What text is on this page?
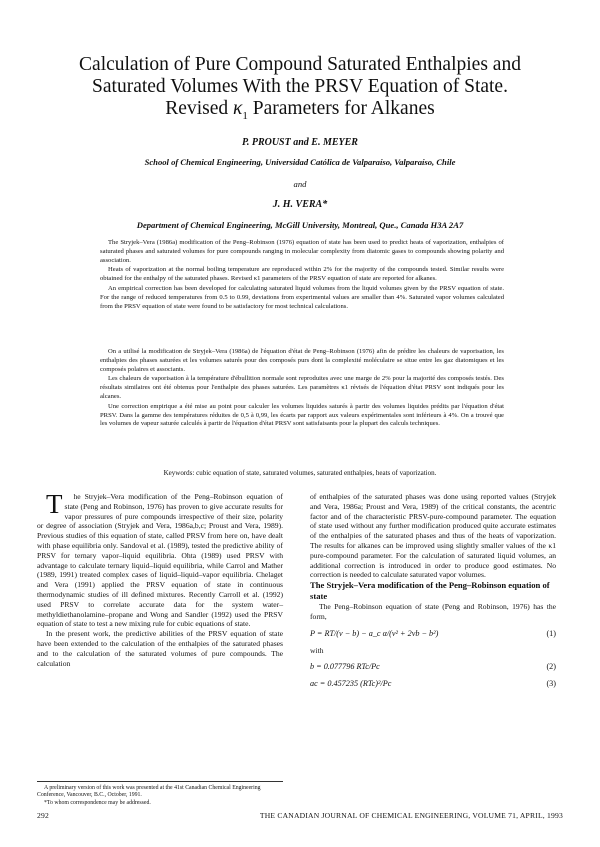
Calculation of Pure Compound Saturated Enthalpies and
Saturated Volumes With the PRSV Equation of State.
Revised $\kappa_1$ Parameters for Alkanes
P. PROUST and E. MEYER
School of Chemical Engineering, Universidad Católica de Valparaíso, Valparaíso, Chile
and
J. H. VERA*
Department of Chemical Engineering, McGill University, Montreal, Que., Canada H3A 2A7

The Stryjek–Vera (1986a) modification of the Peng–Robinson (1976) equation of state has been used to predict heats of vaporization, enthalpies of saturated phases and saturated volumes for pure compounds ranging in molecular complexity from diatomic gases to compounds showing polarity and association.

Heats of vaporization at the normal boiling temperature are reproduced within 2% for the majority of the compounds tested. Similar results were obtained for the enthalpy of the saturated phases. Revised κ1 parameters of the PRSV equation of state are reported for alkanes.

An empirical correction has been developed for calculating saturated liquid volumes from the liquid volumes given by the PRSV equation of state. For the range of reduced temperatures from 0.5 to 0.99, deviations from experimental values are smaller than 4%. Saturated vapor volumes calculated from the PRSV equation of state were found to be satisfactory for most technical calculations.

On a utilisé la modification de Stryjek–Vera (1986a) de l'équation d'état de Peng–Robinson (1976) afin de prédire les chaleurs de vaporisation, les enthalpies des phases saturées et les volumes saturés pour des composés purs dont la complexité moléculaire se situe entre les gaz diatomiques et les composés polaires et associants.

Les chaleurs de vaporisation à la température d'ébullition normale sont reproduites avec une marge de 2% pour la majorité des composés testés. Des résultats similaires ont été obtenus pour l'enthalpie des phases saturées. Les paramètres κ1 révisés de l'équation d'état PRSV sont indiqués pour les alcanes.

Une correction empirique a été mise au point pour calculer les volumes liquides saturés à partir des volumes liquides prédits par l'équation d'état PRSV. Dans la gamme des températures réduites de 0,5 à 0,99, les écarts par rapport aux valeurs expérimentales sont inférieurs à 4%. On a trouvé que les volumes de vapeur saturée calculés à partir de l'équation d'état PRSV sont satisfaisants pour la plupart des calculs techniques.

Keywords: cubic equation of state, saturated volumes, saturated enthalpies, heats of vaporization.

T he Stryjek–Vera modification of the Peng–Robinson equation of state (Peng and Robinson, 1976) has proven to give accurate results for vapor pressures of pure compounds irrespective of their size, polarity or degree of association (Stryjek and Vera, 1986a,b,c; Proust and Vera, 1989). Previous studies of this equation of state, called PRSV from here on, have dealt with phase equilibria only. Sandoval et al. (1989), tested the predictive ability of PRSV for ternary vapor–liquid equilibria. Ohta (1989) used PRSV with advantage to calculate ternary liquid–liquid equilibria, while Carrol and Mather (1989, 1991) treated complex cases of liquid–liquid–vapor equilibria. Chelaget and Vera (1991) applied the PRSV equation of state in continuous thermodynamic studies of ill defined mixtures. Recently Carroll et al. (1992) used PRSV to correlate accurate data for the system water–methyldiethanolamine–propane and Wong and Sandler (1992) used the PRSV equation of state to test a new mixing rule for cubic equations of state.

In the present work, the predictive abilities of the PRSV equation of state have been extended to the calculation of the enthalpies of the saturated phases and to the calculation of the saturated volumes of pure compounds. The calculation

of enthalpies of the saturated phases was done using reported values (Stryjek and Vera, 1986a; Proust and Vera, 1989) of the critical constants, the acentric factor and of the characteristic PRSV-pure-compound parameter. The equation of state used without any further modification produced quite accurate estimates of the enthalpies of the saturated phases and thus of the heats of vaporization. The results for alkanes can be improved using slightly smaller values of the κ1 pure-compound parameter. For the calculation of saturated liquid volumes, an additional correction is introduced in order to produce good estimates. No correction is needed to calculate saturated vapor volumes.

The Stryjek–Vera modification of the Peng–Robinson equation of state

The Peng–Robinson equation of state (Peng and Robinson, 1976) has the form,

P = RT/(v − b) − a_c α/(v² + 2vb − b²)	(1)

with

b = 0.077796 RTc/Pc	(2)
ac = 0.457235 (RTc)²/Pc	(3)

A preliminary version of this work was presented at the 41st Canadian Chemical Engineering Conference, Vancouver, B.C., October, 1991.

*To whom correspondence may be addressed.

292	THE CANADIAN JOURNAL OF CHEMICAL ENGINEERING, VOLUME 71, APRIL, 1993
